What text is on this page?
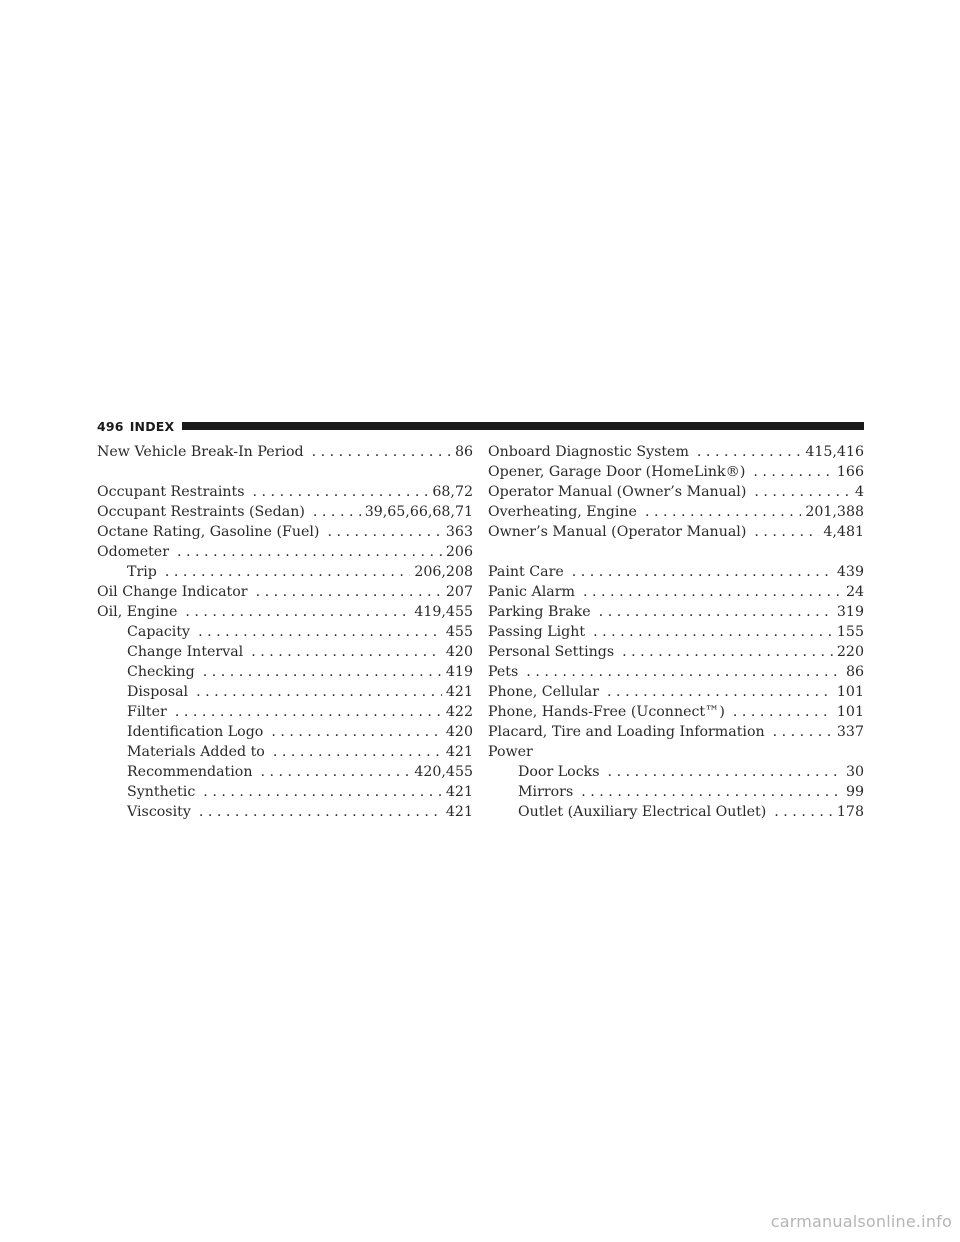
496 INDEX
New Vehicle Break-In Period . . .	86
Occupant Restraints . . .	68,72
Occupant Restraints (Sedan) . . .	39,65,66,68,71
Octane Rating, Gasoline (Fuel) . . .	363
Odometer . . .	206
Trip . . .	206,208
Oil Change Indicator . . .	207
Oil, Engine . . .	419,455
Capacity . . .	455
Change Interval . . .	420
Checking . . .	419
Disposal . . .	421
Filter . . .	422
Identification Logo . . .	420
Materials Added to . . .	421
Recommendation . . .	420,455
Synthetic . . .	421
Viscosity . . .	421
Onboard Diagnostic System . . .	415,416
Opener, Garage Door (HomeLink®) . . .	166
Operator Manual (Owner’s Manual) . . .	4
Overheating, Engine . . .	201,388
Owner’s Manual (Operator Manual) . . .	4,481
Paint Care . . .	439
Panic Alarm . . .	24
Parking Brake . . .	319
Passing Light . . .	155
Personal Settings . . .	220
Pets . . .	86
Phone, Cellular . . .	101
Phone, Hands-Free (Uconnect™) . . .	101
Placard, Tire and Loading Information . . .	337
Power
Door Locks . . .	30
Mirrors . . .	99
Outlet (Auxiliary Electrical Outlet) . . .	178
carmanualsonline.info
